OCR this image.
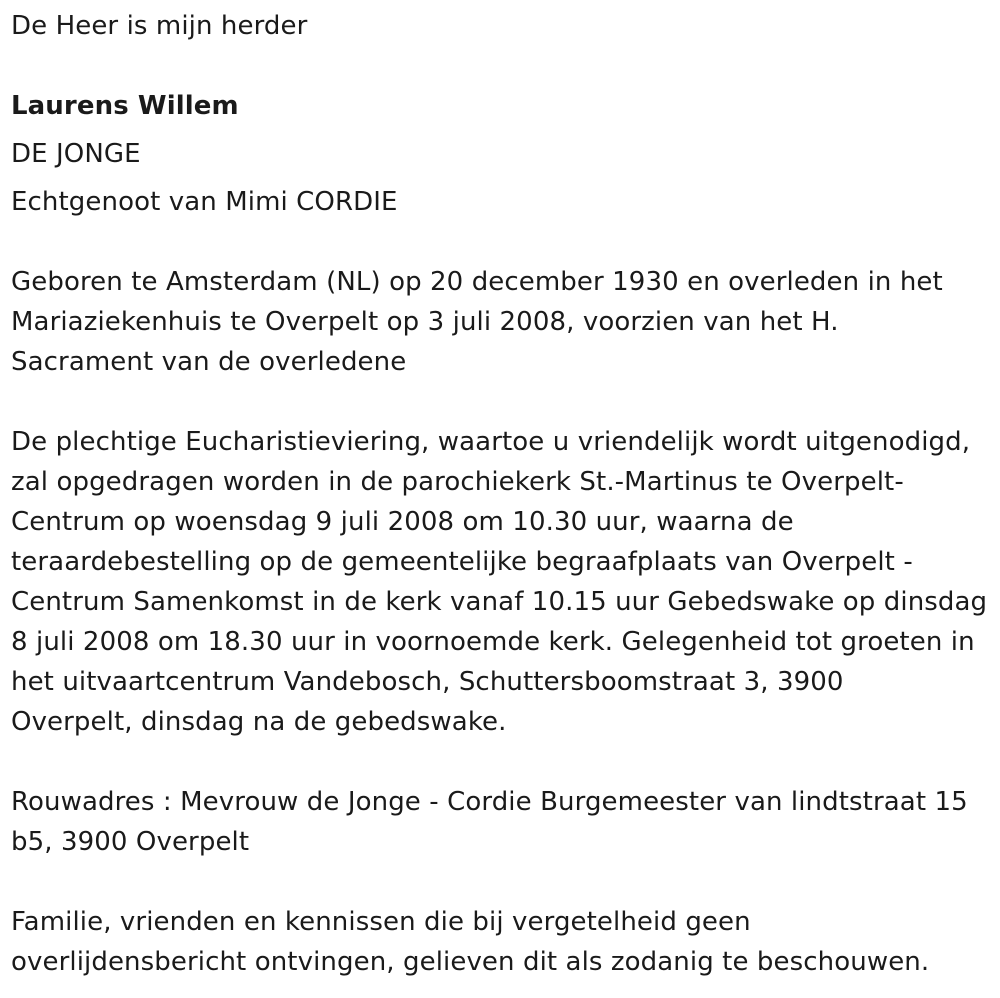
De Heer is mijn herder

Laurens Willem

DE JONGE

Echtgenoot van Mimi CORDIE

Geboren te Amsterdam (NL) op 20 december 1930 en overleden in het

Mariaziekenhuis te Overpelt op 3 juli 2008, voorzien van het H.

Sacrament van de overledene

De plechtige Eucharistieviering, waartoe u vriendelijk wordt uitgenodigd,

zal opgedragen worden in de parochiekerk St.-Martinus te Overpelt-

Centrum op woensdag 9 juli 2008 om 10.30 uur, waarna de

teraardebestelling op de gemeentelijke begraafplaats van Overpelt -

Centrum Samenkomst in de kerk vanaf 10.15 uur Gebedswake op dinsdag

8 juli 2008 om 18.30 uur in voornoemde kerk. Gelegenheid tot groeten in

het uitvaartcentrum Vandebosch, Schuttersboomstraat 3, 3900

Overpelt, dinsdag na de gebedswake.

Rouwadres : Mevrouw de Jonge - Cordie Burgemeester van lindtstraat 15

b5, 3900 Overpelt

Familie, vrienden en kennissen die bij vergetelheid geen

overlijdensbericht ontvingen, gelieven dit als zodanig te beschouwen.
